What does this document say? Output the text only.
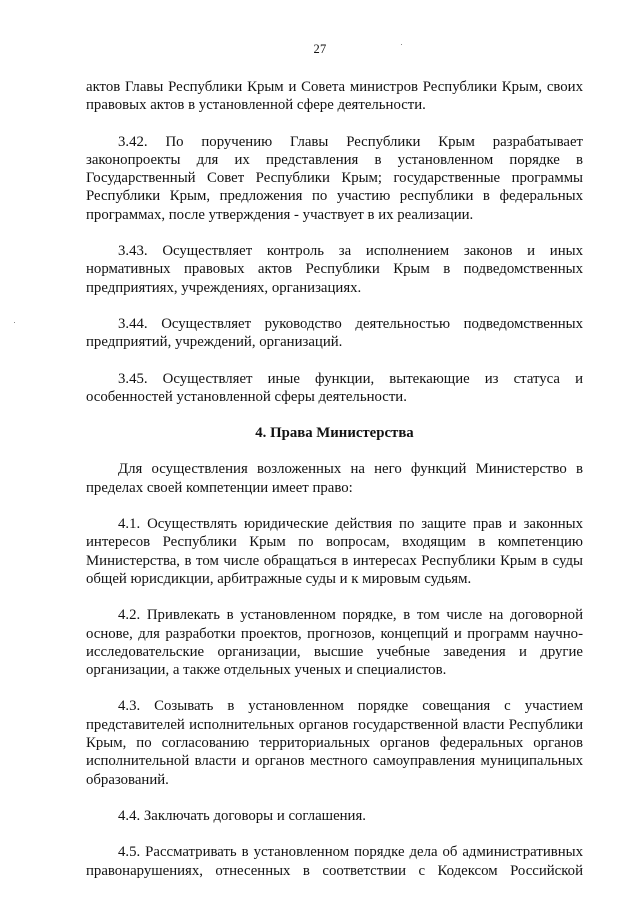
27

актов Главы Республики Крым и Совета министров Республики Крым, своих правовых актов в установленной сфере деятельности.

3.42. По поручению Главы Республики Крым разрабатывает законопроекты для их представления в установленном порядке в Государственный Совет Республики Крым; государственные программы Республики Крым, предложения по участию республики в федеральных программах, после утверждения - участвует в их реализации.

3.43. Осуществляет контроль за исполнением законов и иных нормативных правовых актов Республики Крым в подведомственных предприятиях, учреждениях, организациях.

3.44. Осуществляет руководство деятельностью подведомственных предприятий, учреждений, организаций.

3.45. Осуществляет иные функции, вытекающие из статуса и особенностей установленной сферы деятельности.

4. Права Министерства

Для осуществления возложенных на него функций Министерство в пределах своей компетенции имеет право:

4.1. Осуществлять юридические действия по защите прав и законных интересов Республики Крым по вопросам, входящим в компетенцию Министерства, в том числе обращаться в интересах Республики Крым в суды общей юрисдикции, арбитражные суды и к мировым судьям.

4.2. Привлекать в установленном порядке, в том числе на договорной основе, для разработки проектов, прогнозов, концепций и программ научно-исследовательские организации, высшие учебные заведения и другие организации, а также отдельных ученых и специалистов.

4.3. Созывать в установленном порядке совещания с участием представителей исполнительных органов государственной власти Республики Крым, по согласованию территориальных органов федеральных органов исполнительной власти и органов местного самоуправления муниципальных образований.

4.4. Заключать договоры и соглашения.

4.5. Рассматривать в установленном порядке дела об административных правонарушениях, отнесенных в соответствии с Кодексом Российской
